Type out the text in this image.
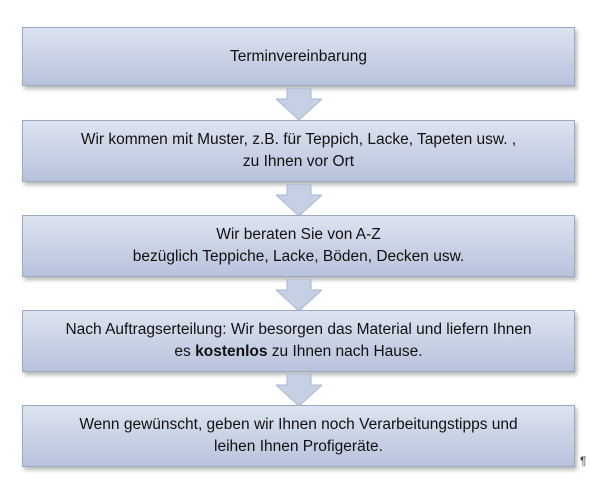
Terminvereinbarung
Wir kommen mit Muster, z.B. für Teppich, Lacke, Tapeten usw. ,
zu Ihnen vor Ort
Wir beraten Sie von A-Z
bezüglich Teppiche, Lacke, Böden, Decken usw.
Nach Auftragserteilung: Wir besorgen das Material und liefern Ihnen
es kostenlos zu Ihnen nach Hause.
Wenn gewünscht, geben wir Ihnen noch Verarbeitungstipps und
leihen Ihnen Profigeräte.
¶
